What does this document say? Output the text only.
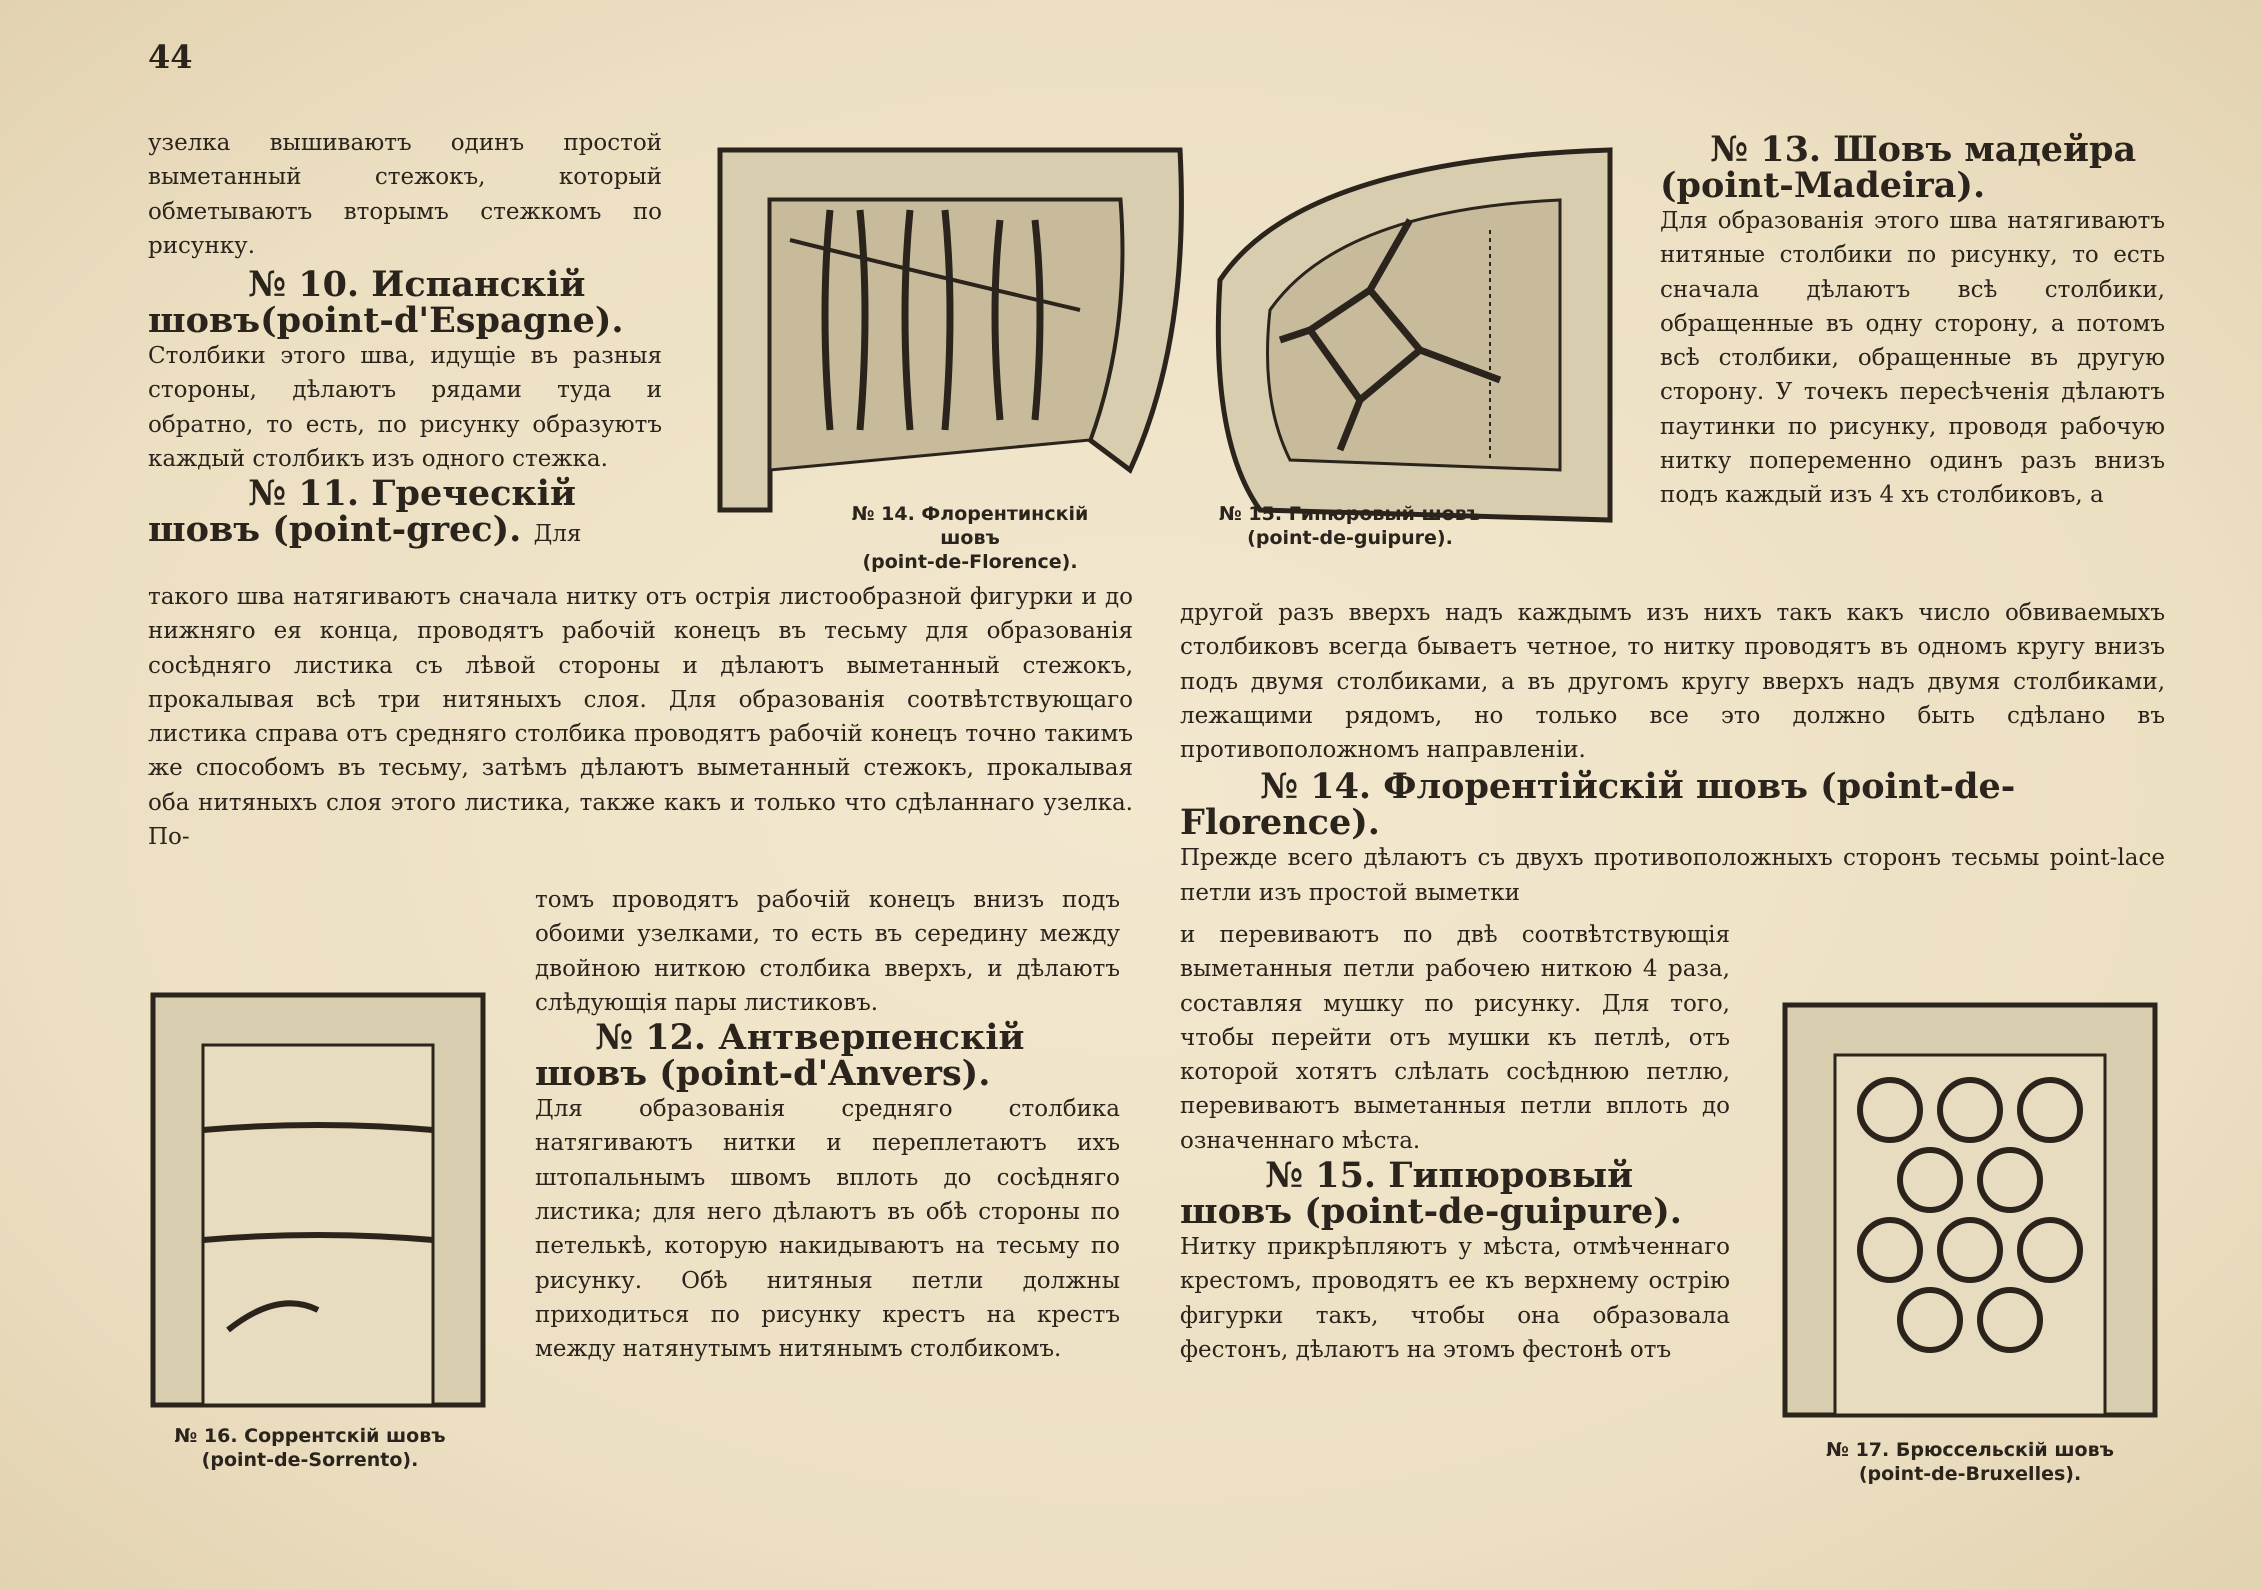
44

узелка вышиваютъ одинъ простой выметанный стежокъ, который обметываютъ вторымъ стежкомъ по рисунку.

№ 10. Испанскій шовъ(point-d'Espagne).

Столбики этого шва, идущіе въ разныя стороны, дѣлаютъ рядами туда и обратно, то есть, по рисунку образуютъ каждый столбикъ изъ одного стежка.

№ 11. Греческій шовъ (point-grec). Для
№ 14. Флорентинскій шовъ
(point-de-Florence).
№ 15. Гипюровый шовъ
(point-de-guipure).
№ 13. Шовъ мадейра (point-Madeira).

Для образованія этого шва натягиваютъ нитяные столбики по рисунку, то есть сначала дѣлаютъ всѣ столбики, обращенные въ одну сторону, а потомъ всѣ столбики, обращенные въ другую сторону. У точекъ пересѣченія дѣлаютъ паутинки по рисунку, проводя рабочую нитку попеременно одинъ разъ внизъ подъ каждый изъ 4 хъ столбиковъ, а

такого шва натягиваютъ сначала нитку отъ острія листообразной фигурки и до нижняго ея конца, проводятъ рабочій конецъ въ тесьму для образованія сосѣдняго листика съ лѣвой стороны и дѣлаютъ выметанный стежокъ, прокалывая всѣ три нитяныхъ слоя. Для образованія соотвѣтствующаго листика справа отъ средняго столбика проводятъ рабочій конецъ точно такимъ же способомъ въ тесьму, затѣмъ дѣлаютъ выметанный стежокъ, прокалывая оба нитяныхъ слоя этого листика, также какъ и только что сдѣланнаго узелка. По-

другой разъ вверхъ надъ каждымъ изъ нихъ такъ какъ число обвиваемыхъ столбиковъ всегда бываетъ четное, то нитку проводятъ въ одномъ кругу внизъ подъ двумя столбиками, а въ другомъ кругу вверхъ надъ двумя столбиками, лежащими рядомъ, но только все это должно быть сдѣлано въ противоположномъ направленіи.

№ 14. Флорентійскій шовъ (point-de-Florence).

Прежде всего дѣлаютъ съ двухъ противоположныхъ сторонъ тесьмы point-lace петли изъ простой выметки

№ 16. Соррентскій шовъ
(point-de-Sorrento).

томъ проводятъ рабочій конецъ внизъ подъ обоими узелками, то есть въ середину между двойною ниткою столбика вверхъ, и дѣлаютъ слѣдующія пары листиковъ.

№ 12. Антверпенскій шовъ (point-d'Anvers).

Для образованія средняго столбика натягиваютъ нитки и переплетаютъ ихъ штопальнымъ швомъ вплоть до сосѣдняго листика; для него дѣлаютъ въ обѣ стороны по петелькѣ, которую накидываютъ на тесьму по рисунку. Обѣ нитяныя петли должны приходиться по рисунку крестъ на крестъ между натянутымъ нитянымъ столбикомъ.

и перевиваютъ по двѣ соотвѣтствующія выметанныя петли рабочею ниткою 4 раза, составляя мушку по рисунку. Для того, чтобы перейти отъ мушки къ петлѣ, отъ которой хотятъ слѣлать сосѣднюю петлю, перевиваютъ выметанныя петли вплоть до означеннаго мѣста.

№ 15. Гипюровый шовъ (point-de-guipure).

Нитку прикрѣпляютъ у мѣста, отмѣченнаго крестомъ, проводятъ ее къ верхнему острію фигурки такъ, чтобы она образовала фестонъ, дѣлаютъ на этомъ фестонѣ отъ

№ 17. Брюссельскій шовъ
(point-de-Bruxelles).
